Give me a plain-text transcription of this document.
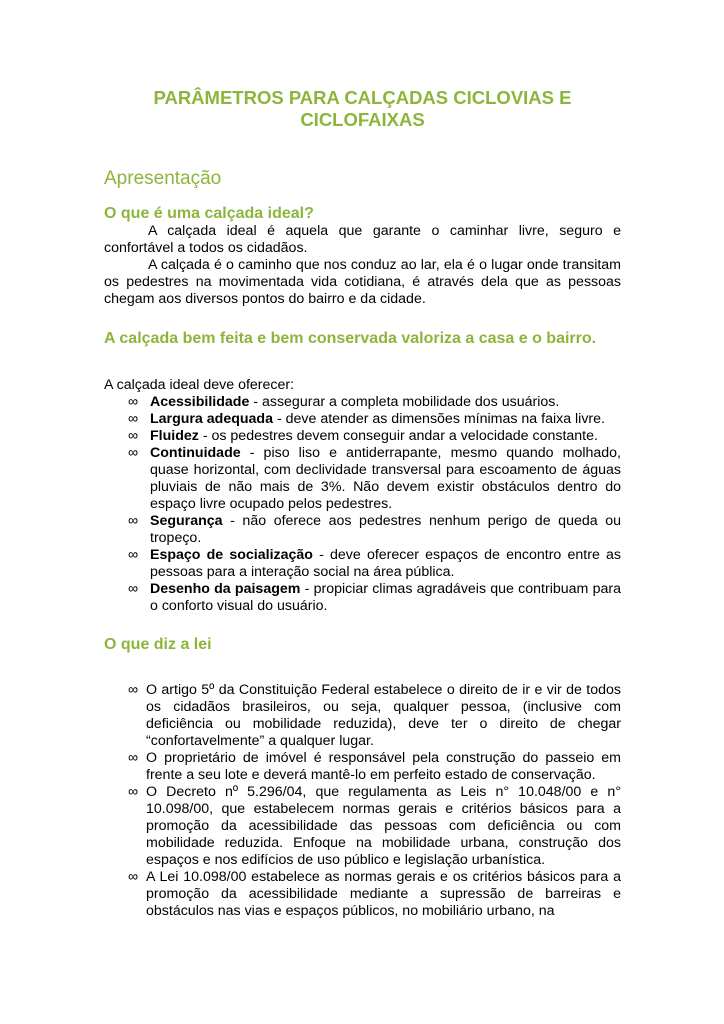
PARÂMETROS PARA CALÇADAS CICLOVIAS E CICLOFAIXAS
Apresentação
O que é uma calçada ideal?

A calçada ideal é aquela que garante o caminhar livre, seguro e confortável a todos os cidadãos.

A calçada é o caminho que nos conduz ao lar, ela é o lugar onde transitam os pedestres na movimentada vida cotidiana, é através dela que as pessoas chegam aos diversos pontos do bairro e da cidade.

A calçada bem feita e bem conservada valoriza a casa e o bairro.

A calçada ideal deve oferecer:

∞ Acessibilidade - assegurar a completa mobilidade dos usuários.
∞ Largura adequada - deve atender as dimensões mínimas na faixa livre.
∞ Fluidez - os pedestres devem conseguir andar a velocidade constante.
∞ Continuidade - piso liso e antiderrapante, mesmo quando molhado, quase horizontal, com declividade transversal para escoamento de águas pluviais de não mais de 3%. Não devem existir obstáculos dentro do espaço livre ocupado pelos pedestres.
∞ Segurança - não oferece aos pedestres nenhum perigo de queda ou tropeço.
∞ Espaço de socialização - deve oferecer espaços de encontro entre as pessoas para a interação social na área pública.
∞ Desenho da paisagem - propiciar climas agradáveis que contribuam para o conforto visual do usuário.
O que diz a lei
∞ O artigo 5º da Constituição Federal estabelece o direito de ir e vir de todos os cidadãos brasileiros, ou seja, qualquer pessoa, (inclusive com deficiência ou mobilidade reduzida), deve ter o direito de chegar “confortavelmente” a qualquer lugar.
∞ O proprietário de imóvel é responsável pela construção do passeio em frente a seu lote e deverá mantê-lo em perfeito estado de conservação.
∞ O Decreto nº 5.296/04, que regulamenta as Leis n° 10.048/00 e n° 10.098/00, que estabelecem normas gerais e critérios básicos para a promoção da acessibilidade das pessoas com deficiência ou com mobilidade reduzida. Enfoque na mobilidade urbana, construção dos espaços e nos edifícios de uso público e legislação urbanística.
∞ A Lei 10.098/00 estabelece as normas gerais e os critérios básicos para a promoção da acessibilidade mediante a supressão de barreiras e obstáculos nas vias e espaços públicos, no mobiliário urbano, na
